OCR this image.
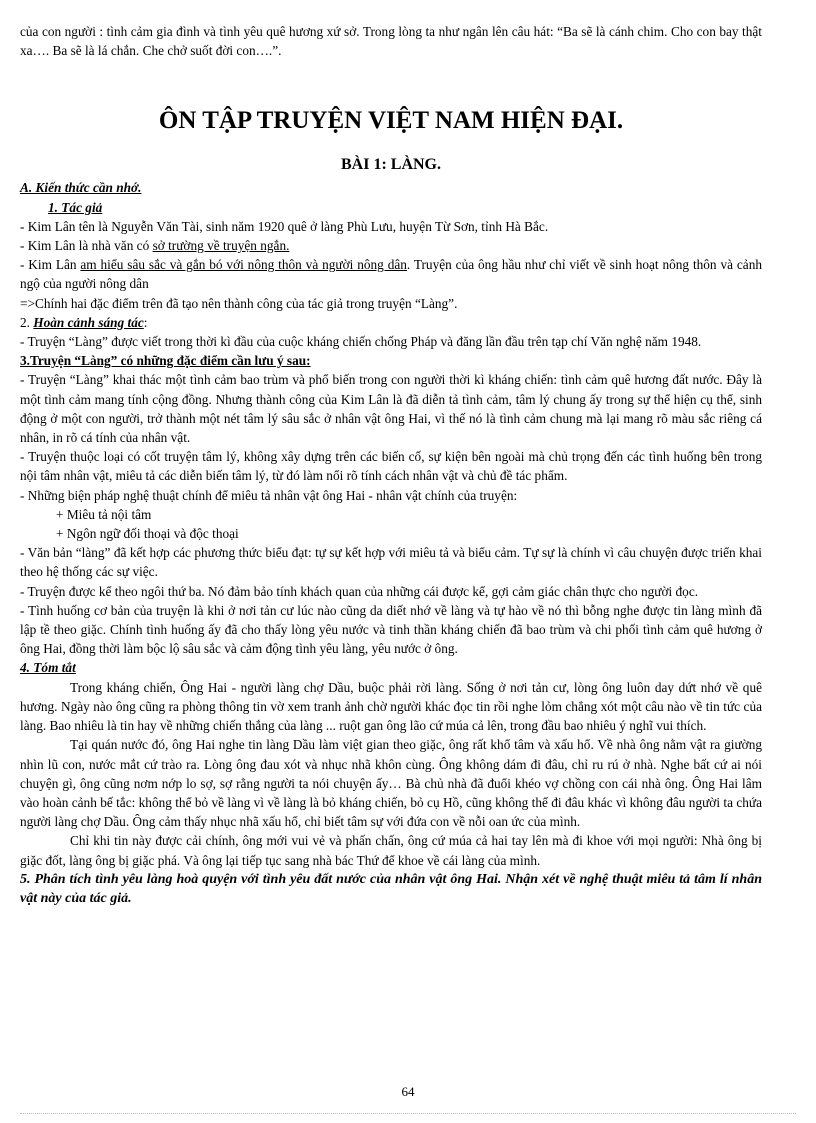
của con người : tình cảm gia đình và tình yêu quê hương xứ sở. Trong lòng ta như ngân lên câu hát: “Ba sẽ là cánh chim. Cho con bay thật xa…. Ba sẽ là lá chắn. Che chở suốt đời con….”.

ÔN TẬP TRUYỆN VIỆT NAM HIỆN ĐẠI.

BÀI 1: LÀNG.

A. Kiến thức cần nhớ.

1. Tác giả

- Kim Lân tên là Nguyễn Văn Tài, sinh năm 1920 quê ở làng Phù Lưu, huyện Từ Sơn, tỉnh Hà Bắc.

- Kim Lân là nhà văn có sở trường về truyện ngắn.

- Kim Lân am hiểu sâu sắc và gắn bó với nông thôn và người nông dân. Truyện của ông hầu như chỉ viết về sinh hoạt nông thôn và cảnh ngộ của người nông dân

=>Chính hai đặc điểm trên đã tạo nên thành công của tác giả trong truyện “Làng”.

2. Hoàn cảnh sáng tác:

- Truyện “Làng” được viết trong thời kì đầu của cuộc kháng chiến chống Pháp và đăng lần đầu trên tạp chí Văn nghệ năm 1948.

3.Truyện “Làng” có những đặc điểm cần lưu ý sau:

- Truyện “Làng” khai thác một tình cảm bao trùm và phổ biến trong con người thời kì kháng chiến: tình cảm quê hương đất nước. Đây là một tình cảm mang tính cộng đồng. Nhưng thành công của Kim Lân là đã diễn tả tình cảm, tâm lý chung ấy trong sự thể hiện cụ thể, sinh động ở một con người, trở thành một nét tâm lý sâu sắc ở nhân vật ông Hai, vì thế nó là tình cảm chung mà lại mang rõ màu sắc riêng cá nhân, in rõ cá tính của nhân vật.

- Truyện thuộc loại có cốt truyện tâm lý, không xây dựng trên các biến cố, sự kiện bên ngoài mà chủ trọng đến các tình huống bên trong nội tâm nhân vật, miêu tả các diễn biến tâm lý, từ đó làm nổi rõ tính cách nhân vật và chủ đề tác phẩm.

- Những biện pháp nghệ thuật chính để miêu tả nhân vật ông Hai - nhân vật chính của truyện:

+ Miêu tả nội tâm

+ Ngôn ngữ đối thoại và độc thoại

- Văn bản “làng” đã kết hợp các phương thức biểu đạt: tự sự kết hợp với miêu tả và biểu cảm. Tự sự là chính vì câu chuyện được triển khai theo hệ thống các sự việc.

- Truyện được kể theo ngôi thứ ba. Nó đảm bảo tính khách quan của những cái được kể, gợi cảm giác chân thực cho người đọc.

- Tình huống cơ bản của truyện là khi ở nơi tản cư lúc nào cũng da diết nhớ về làng và tự hào về nó thì bỗng nghe được tin làng mình đã lập tề theo giặc. Chính tình huống ấy đã cho thấy lòng yêu nước và tinh thần kháng chiến đã bao trùm và chi phối tình cảm quê hương ở ông Hai, đồng thời làm bộc lộ sâu sắc và cảm động tình yêu làng, yêu nước ở ông.

4. Tóm tắt

Trong kháng chiến, Ông Hai - người làng chợ Dầu, buộc phải rời làng. Sống ở nơi tản cư, lòng ông luôn day dứt nhớ về quê hương. Ngày nào ông cũng ra phòng thông tin vờ xem tranh ảnh chờ người khác đọc tin rồi nghe lỏm chẳng xót một câu nào về tin tức của làng. Bao nhiêu là tin hay về những chiến thắng của làng ... ruột gan ông lão cứ múa cả lên, trong đầu bao nhiêu ý nghĩ vui thích.

Tại quán nước đó, ông Hai nghe tin làng Dầu làm việt gian theo giặc, ông rất khổ tâm và xấu hổ. Về nhà ông nằm vật ra giường nhìn lũ con, nước mắt cứ trào ra. Lòng ông đau xót và nhục nhã khôn cùng. Ông không dám đi đâu, chỉ ru rú ở nhà. Nghe bất cứ ai nói chuyện gì, ông cũng nơm nớp lo sợ, sợ rằng người ta nói chuyện ấy… Bà chủ nhà đã đuổi khéo vợ chồng con cái nhà ông. Ông Hai lâm vào hoàn cảnh bế tắc: không thể bỏ về làng vì về làng là bỏ kháng chiến, bỏ cụ Hồ, cũng không thể đi đâu khác vì không đâu người ta chứa người làng chợ Dầu. Ông cảm thấy nhục nhã xấu hổ, chỉ biết tâm sự với đứa con về nỗi oan ức của mình.

Chỉ khi tin này được cải chính, ông mới vui vẻ và phấn chấn, ông cứ múa cả hai tay lên mà đi khoe với mọi người: Nhà ông bị giặc đốt, làng ông bị giặc phá. Và ông lại tiếp tục sang nhà bác Thứ để khoe về cái làng của mình.

5. Phân tích tình yêu làng hoà quyện với tình yêu đất nước của nhân vật ông Hai. Nhận xét về nghệ thuật miêu tả tâm lí nhân vật này của tác giả.

64
